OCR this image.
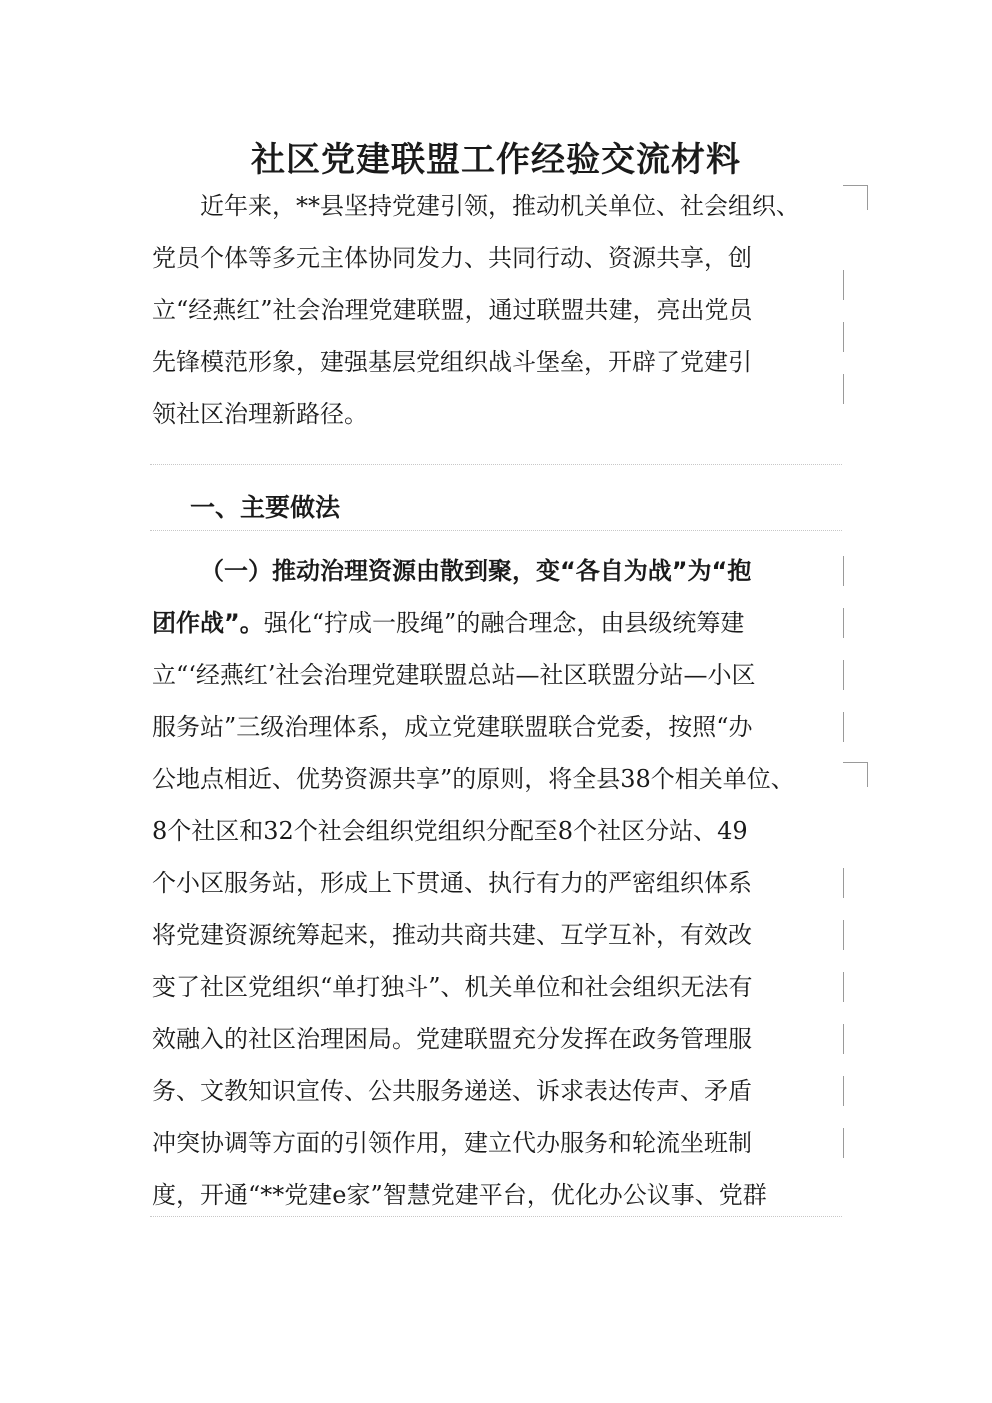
社区党建联盟工作经验交流材料
近年来，**县坚持党建引领，推动机关单位、社会组织、
党员个体等多元主体协同发力、共同行动、资源共享，创
立“经燕红”社会治理党建联盟，通过联盟共建，亮出党员
先锋模范形象，建强基层党组织战斗堡垒，开辟了党建引
领社区治理新路径。
一、主要做法
（一）推动治理资源由散到聚，变“各自为战”为“抱
团作战”。强化“拧成一股绳”的融合理念，由县级统筹建
立“‘经燕红’社会治理党建联盟总站—社区联盟分站—小区
服务站”三级治理体系，成立党建联盟联合党委，按照“办
公地点相近、优势资源共享”的原则，将全县38个相关单位、
8个社区和32个社会组织党组织分配至8个社区分站、49
个小区服务站，形成上下贯通、执行有力的严密组织体系
将党建资源统筹起来，推动共商共建、互学互补，有效改
变了社区党组织“单打独斗”、机关单位和社会组织无法有
效融入的社区治理困局。党建联盟充分发挥在政务管理服
务、文教知识宣传、公共服务递送、诉求表达传声、矛盾
冲突协调等方面的引领作用，建立代办服务和轮流坐班制
度，开通“**党建e家”智慧党建平台，优化办公议事、党群
